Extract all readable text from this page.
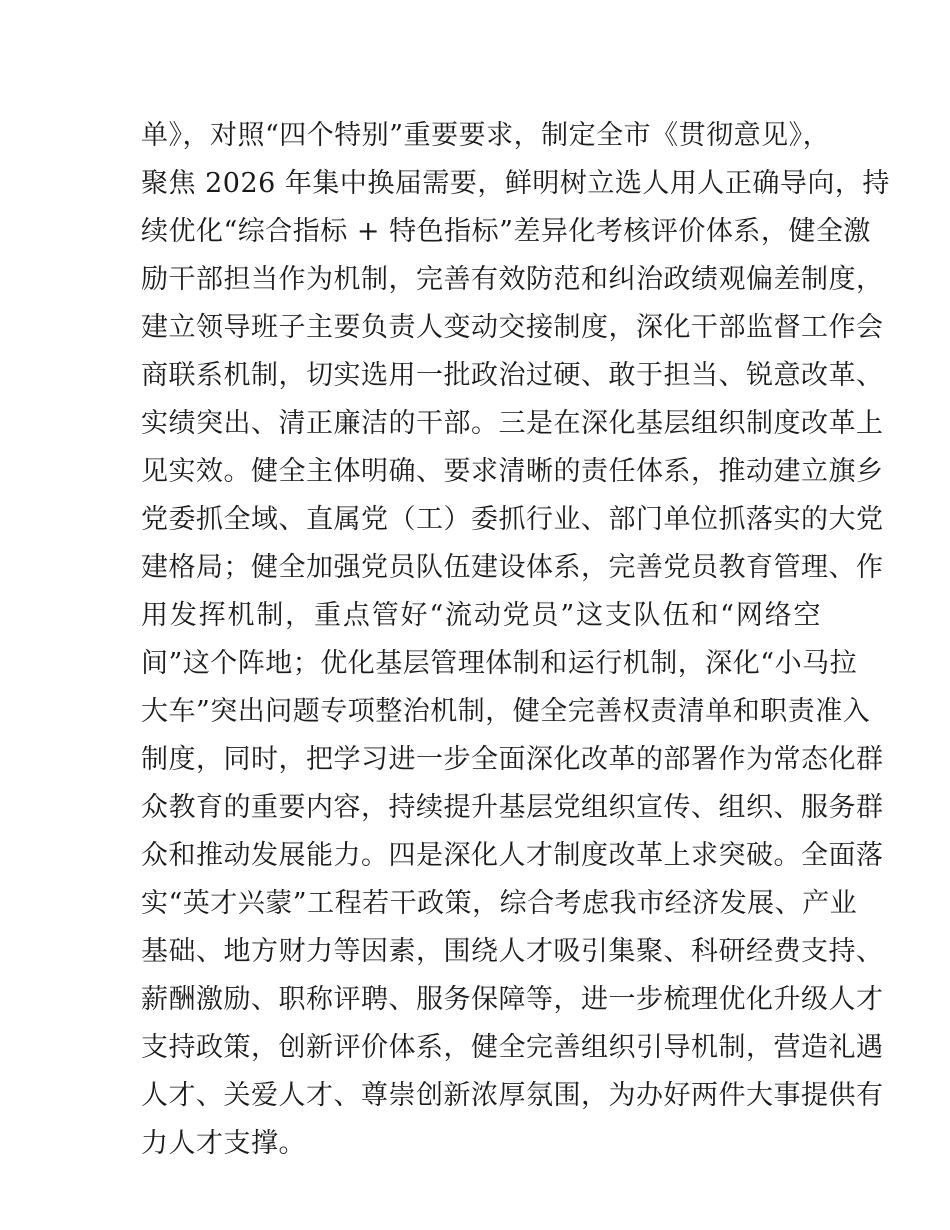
单》，对照“四个特别”重要要求，制定全市《贯彻意见》，
聚焦 2026 年集中换届需要，鲜明树立选人用人正确导向，持
续优化“综合指标 + 特色指标”差异化考核评价体系，健全激
励干部担当作为机制，完善有效防范和纠治政绩观偏差制度，
建立领导班子主要负责人变动交接制度，深化干部监督工作会
商联系机制，切实选用一批政治过硬、敢于担当、锐意改革、
实绩突出、清正廉洁的干部。三是在深化基层组织制度改革上
见实效。健全主体明确、要求清晰的责任体系，推动建立旗乡
党委抓全域、直属党（工）委抓行业、部门单位抓落实的大党
建格局；健全加强党员队伍建设体系，完善党员教育管理、作
用发挥机制，重点管好“流动党员”这支队伍和“网络空
间”这个阵地；优化基层管理体制和运行机制，深化“小马拉
大车”突出问题专项整治机制，健全完善权责清单和职责准入
制度，同时，把学习进一步全面深化改革的部署作为常态化群
众教育的重要内容，持续提升基层党组织宣传、组织、服务群
众和推动发展能力。四是深化人才制度改革上求突破。全面落
实“英才兴蒙”工程若干政策，综合考虑我市经济发展、产业
基础、地方财力等因素，围绕人才吸引集聚、科研经费支持、
薪酬激励、职称评聘、服务保障等，进一步梳理优化升级人才
支持政策，创新评价体系，健全完善组织引导机制，营造礼遇
人才、关爱人才、尊崇创新浓厚氛围，为办好两件大事提供有
力人才支撑。
